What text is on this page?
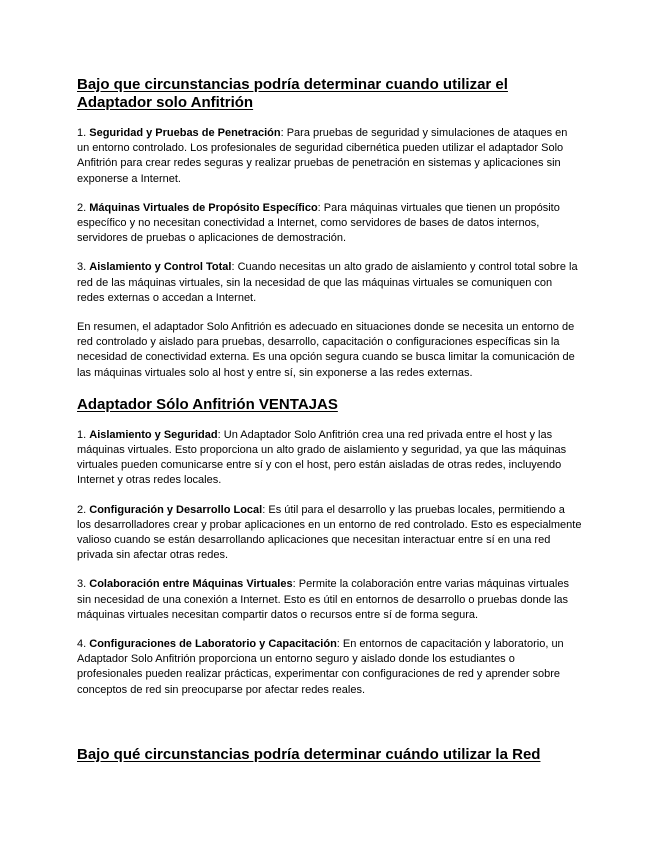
Bajo que circunstancias podría determinar cuando utilizar el Adaptador solo Anfitrión

1. Seguridad y Pruebas de Penetración: Para pruebas de seguridad y simulaciones de ataques en un entorno controlado. Los profesionales de seguridad cibernética pueden utilizar el adaptador Solo Anfitrión para crear redes seguras y realizar pruebas de penetración en sistemas y aplicaciones sin exponerse a Internet.

2. Máquinas Virtuales de Propósito Específico: Para máquinas virtuales que tienen un propósito específico y no necesitan conectividad a Internet, como servidores de bases de datos internos, servidores de pruebas o aplicaciones de demostración.

3. Aislamiento y Control Total: Cuando necesitas un alto grado de aislamiento y control total sobre la red de las máquinas virtuales, sin la necesidad de que las máquinas virtuales se comuniquen con redes externas o accedan a Internet.

En resumen, el adaptador Solo Anfitrión es adecuado en situaciones donde se necesita un entorno de red controlado y aislado para pruebas, desarrollo, capacitación o configuraciones específicas sin la necesidad de conectividad externa. Es una opción segura cuando se busca limitar la comunicación de las máquinas virtuales solo al host y entre sí, sin exponerse a las redes externas.

Adaptador Sólo Anfitrión VENTAJAS

1. Aislamiento y Seguridad: Un Adaptador Solo Anfitrión crea una red privada entre el host y las máquinas virtuales. Esto proporciona un alto grado de aislamiento y seguridad, ya que las máquinas virtuales pueden comunicarse entre sí y con el host, pero están aisladas de otras redes, incluyendo Internet y otras redes locales.

2. Configuración y Desarrollo Local: Es útil para el desarrollo y las pruebas locales, permitiendo a los desarrolladores crear y probar aplicaciones en un entorno de red controlado. Esto es especialmente valioso cuando se están desarrollando aplicaciones que necesitan interactuar entre sí en una red privada sin afectar otras redes.

3. Colaboración entre Máquinas Virtuales: Permite la colaboración entre varias máquinas virtuales sin necesidad de una conexión a Internet. Esto es útil en entornos de desarrollo o pruebas donde las máquinas virtuales necesitan compartir datos o recursos entre sí de forma segura.

4. Configuraciones de Laboratorio y Capacitación: En entornos de capacitación y laboratorio, un Adaptador Solo Anfitrión proporciona un entorno seguro y aislado donde los estudiantes o profesionales pueden realizar prácticas, experimentar con configuraciones de red y aprender sobre conceptos de red sin preocuparse por afectar redes reales.

Bajo qué circunstancias podría determinar cuándo utilizar la Red
